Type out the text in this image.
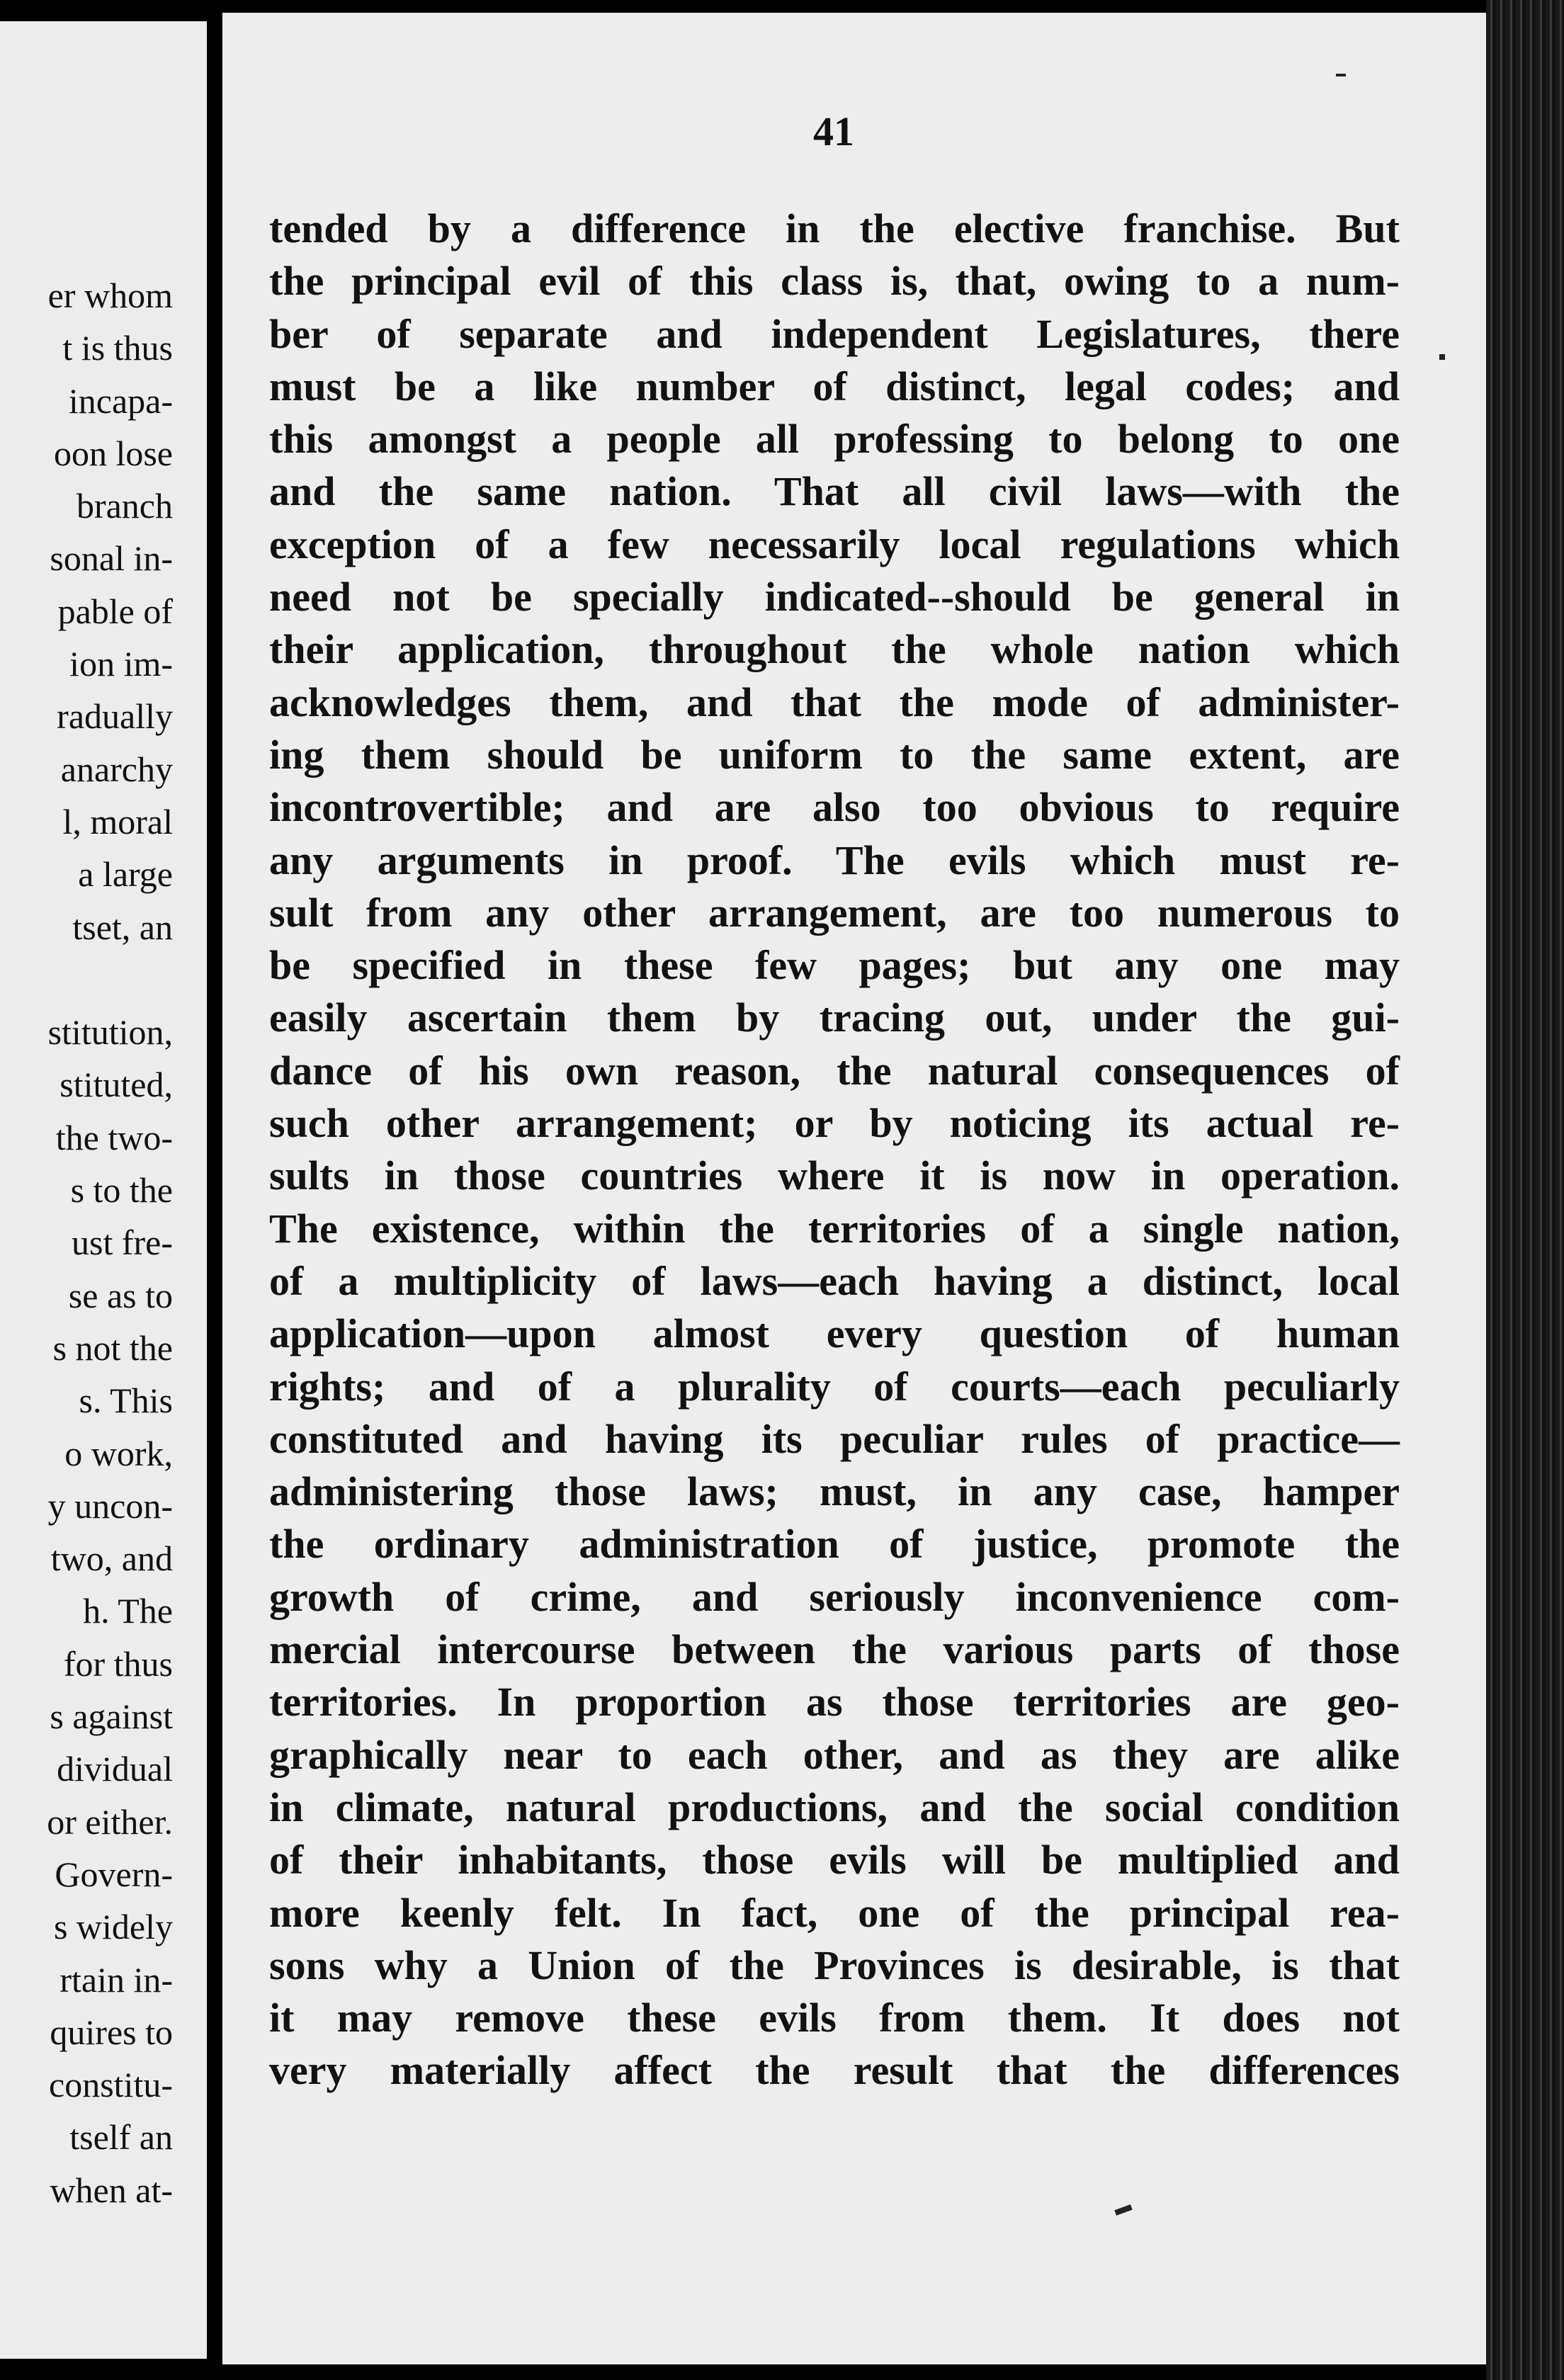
er whom
t is thus
incapa-
oon lose
branch
sonal in-
pable of
ion im-
radually
anarchy
l, moral
a large
tset, an
stitution,
stituted,
the two-
s to the
ust fre-
se as to
s not the
s. This
o work,
y uncon-
two, and
h. The
for thus
s against
dividual
or either.
Govern-
s widely
rtain in-
quires to
constitu-
tself an
when at-
41
tended by a difference in the elective franchise. But
the principal evil of this class is, that, owing to a num-
ber of separate and independent Legislatures, there
must be a like number of distinct, legal codes; and
this amongst a people all professing to belong to one
and the same nation. That all civil laws—with the
exception of a few necessarily local regulations which
need not be specially indicated--should be general in
their application, throughout the whole nation which
acknowledges them, and that the mode of administer-
ing them should be uniform to the same extent, are
incontrovertible; and are also too obvious to require
any arguments in proof. The evils which must re-
sult from any other arrangement, are too numerous to
be specified in these few pages; but any one may
easily ascertain them by tracing out, under the gui-
dance of his own reason, the natural consequences of
such other arrangement; or by noticing its actual re-
sults in those countries where it is now in operation.
The existence, within the territories of a single nation,
of a multiplicity of laws—each having a distinct, local
application—upon almost every question of human
rights; and of a plurality of courts—each peculiarly
constituted and having its peculiar rules of practice—
administering those laws; must, in any case, hamper
the ordinary administration of justice, promote the
growth of crime, and seriously inconvenience com-
mercial intercourse between the various parts of those
territories. In proportion as those territories are geo-
graphically near to each other, and as they are alike
in climate, natural productions, and the social condition
of their inhabitants, those evils will be multiplied and
more keenly felt. In fact, one of the principal rea-
sons why a Union of the Provinces is desirable, is that
it may remove these evils from them. It does not
very materially affect the result that the differences
